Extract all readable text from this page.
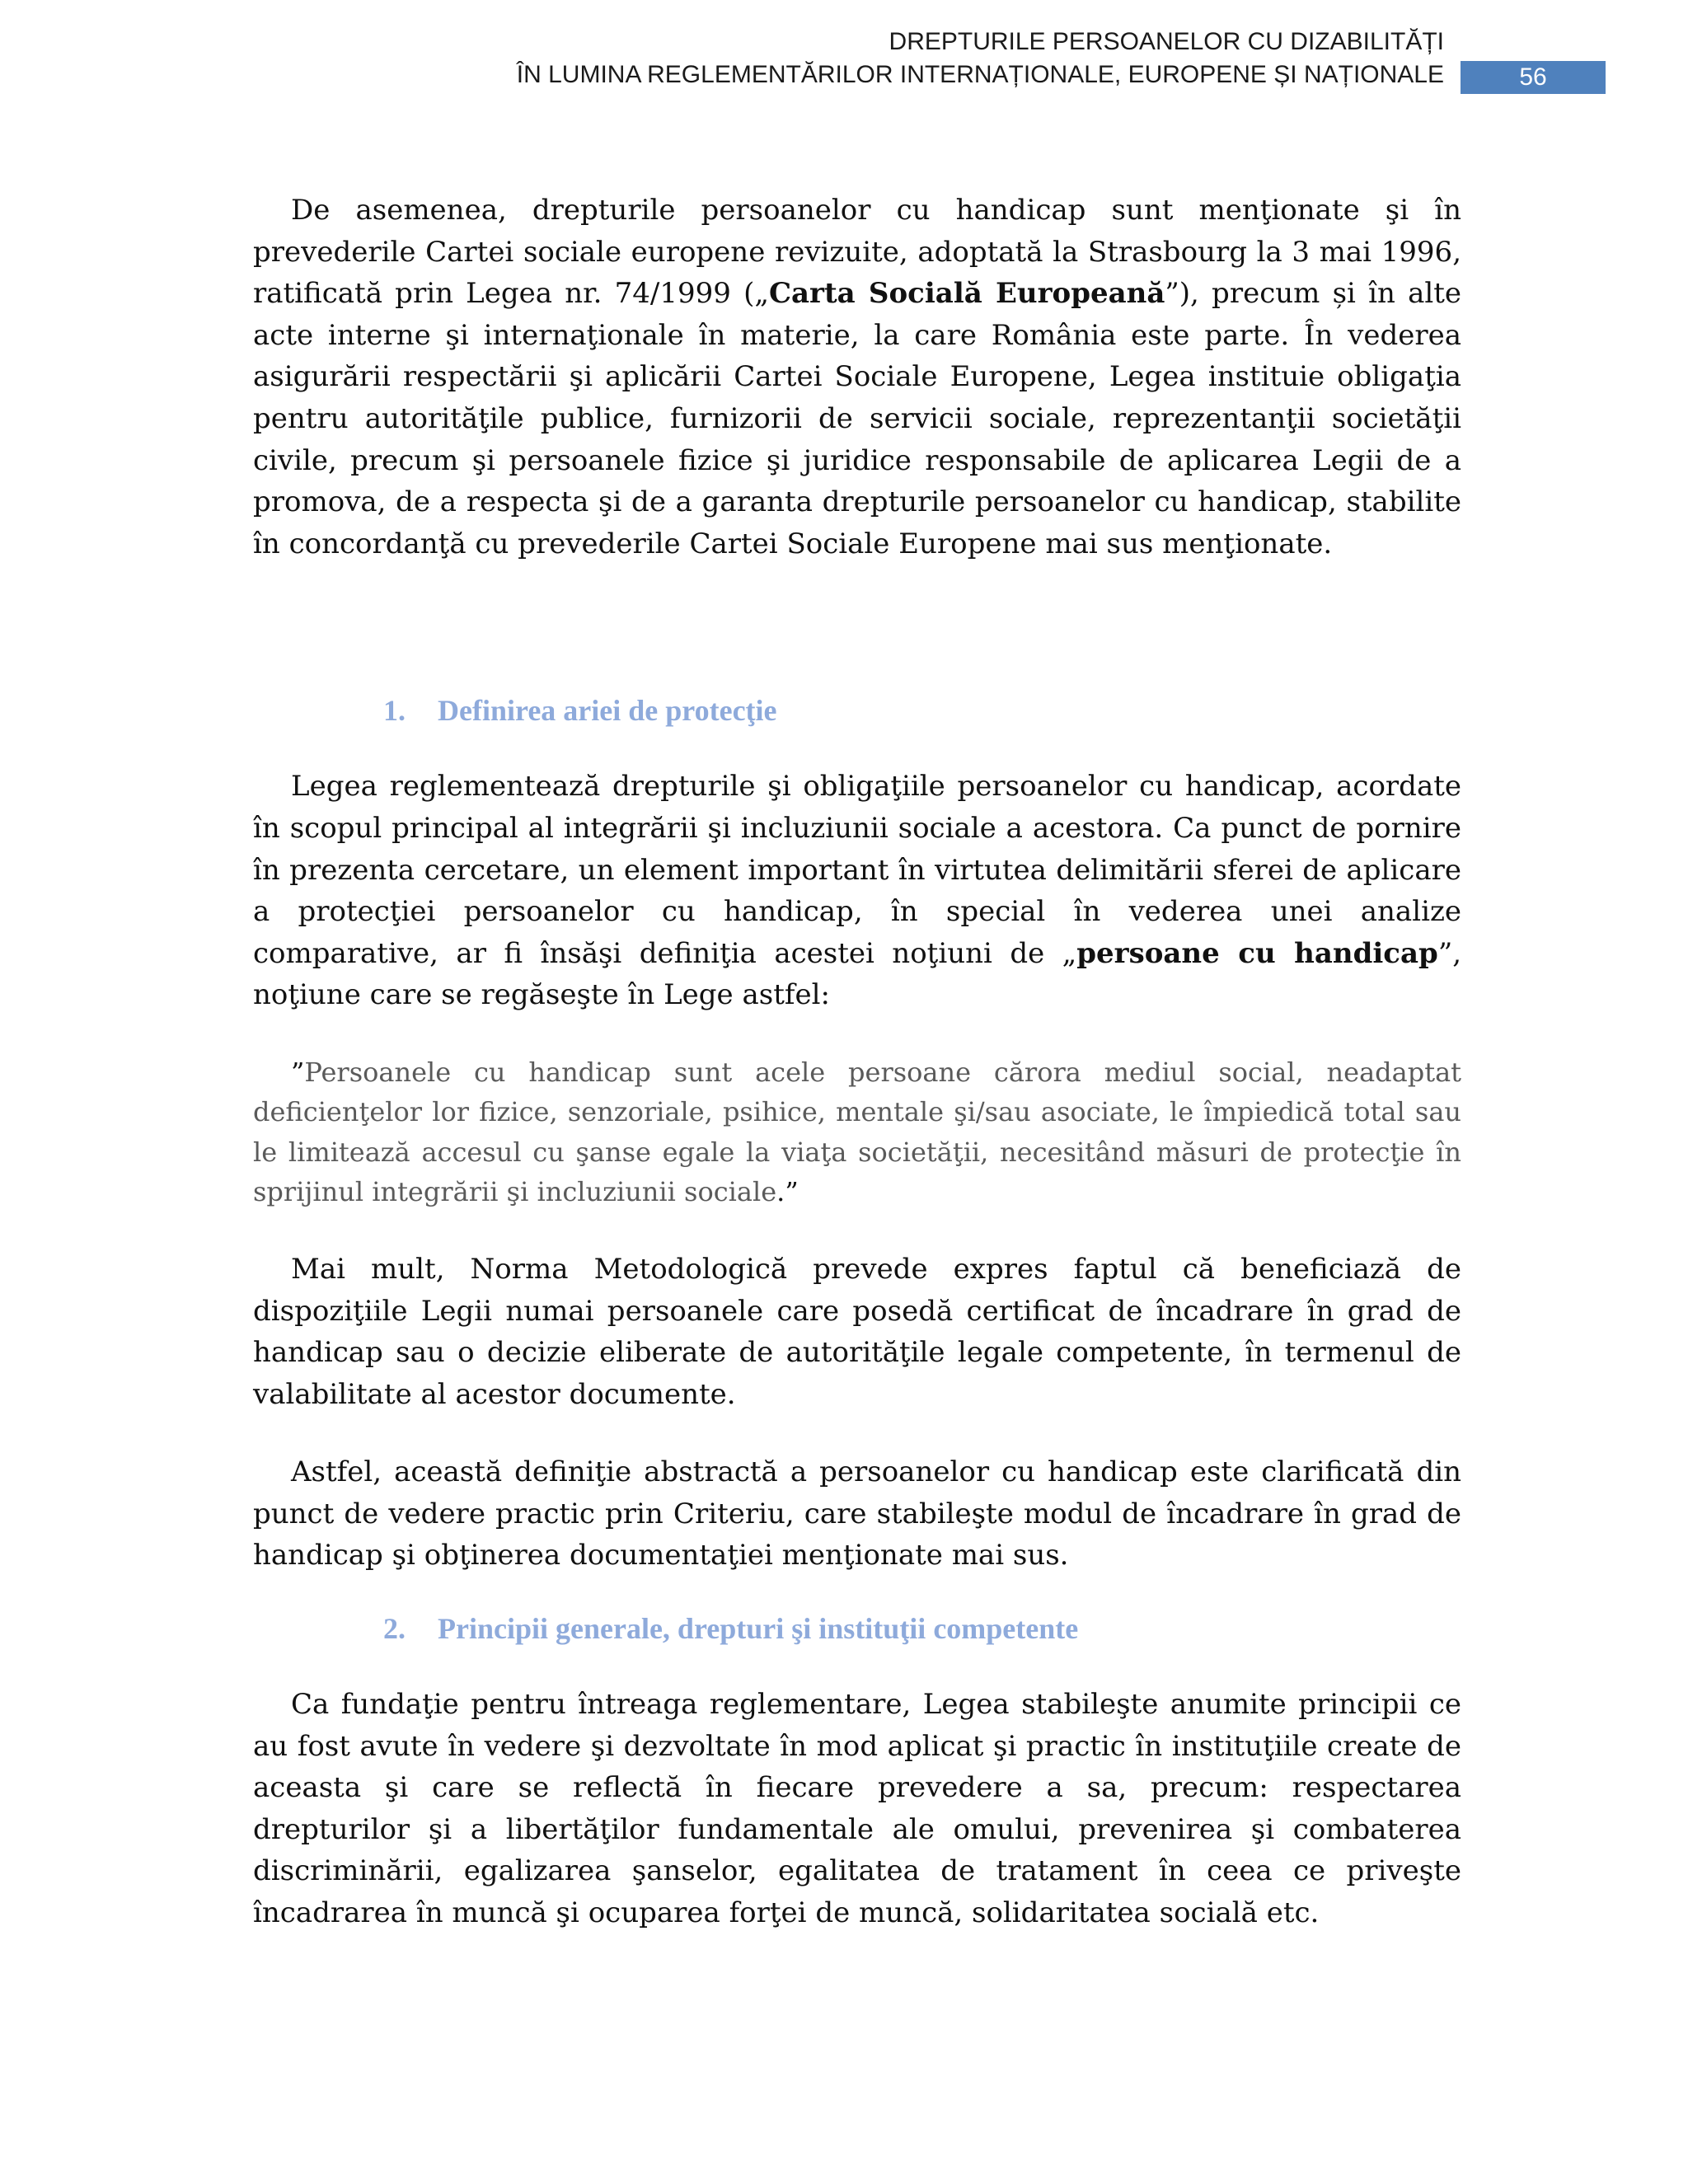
DREPTURILE PERSOANELOR CU DIZABILITĂȚI
ÎN LUMINA REGLEMENTĂRILOR INTERNAȚIONALE, EUROPENE ȘI NAȚIONALE	56

De asemenea, drepturile persoanelor cu handicap sunt menţionate şi în prevederile Cartei sociale europene revizuite, adoptată la Strasbourg la 3 mai 1996, ratificată prin Legea nr. 74/1999 („Carta Socială Europeană”), precum și în alte acte interne şi internaţionale în materie, la care România este parte. În vederea asigurării respectării şi aplicării Cartei Sociale Europene, Legea instituie obligaţia pentru autorităţile publice, furnizorii de servicii sociale, reprezentanţii societăţii civile, precum şi persoanele fizice şi juridice responsabile de aplicarea Legii de a promova, de a respecta şi de a garanta drepturile persoanelor cu handicap, stabilite în concordanţă cu prevederile Cartei Sociale Europene mai sus menţionate.

1. Definirea ariei de protecţie

Legea reglementează drepturile şi obligaţiile persoanelor cu handicap, acordate în scopul principal al integrării şi incluziunii sociale a acestora. Ca punct de pornire în prezenta cercetare, un element important în virtutea delimitării sferei de aplicare a protecţiei persoanelor cu handicap, în special în vederea unei analize comparative, ar fi însăşi definiţia acestei noţiuni de „persoane cu handicap”, noţiune care se regăseşte în Lege astfel:

”Persoanele cu handicap sunt acele persoane cărora mediul social, neadaptat deficienţelor lor fizice, senzoriale, psihice, mentale şi/sau asociate, le împiedică total sau le limitează accesul cu şanse egale la viaţa societăţii, necesitând măsuri de protecţie în sprijinul integrării şi incluziunii sociale.”

Mai mult, Norma Metodologică prevede expres faptul că beneficiază de dispoziţiile Legii numai persoanele care posedă certificat de încadrare în grad de handicap sau o decizie eliberate de autorităţile legale competente, în termenul de valabilitate al acestor documente.

Astfel, această definiţie abstractă a persoanelor cu handicap este clarificată din punct de vedere practic prin Criteriu, care stabileşte modul de încadrare în grad de handicap şi obţinerea documentaţiei menţionate mai sus.

2. Principii generale, drepturi şi instituţii competente

Ca fundaţie pentru întreaga reglementare, Legea stabileşte anumite principii ce au fost avute în vedere şi dezvoltate în mod aplicat şi practic în instituţiile create de aceasta şi care se reflectă în fiecare prevedere a sa, precum: respectarea drepturilor şi a libertăţilor fundamentale ale omului, prevenirea şi combaterea discriminării, egalizarea şanselor, egalitatea de tratament în ceea ce priveşte încadrarea în muncă şi ocuparea forţei de muncă, solidaritatea socială etc.
